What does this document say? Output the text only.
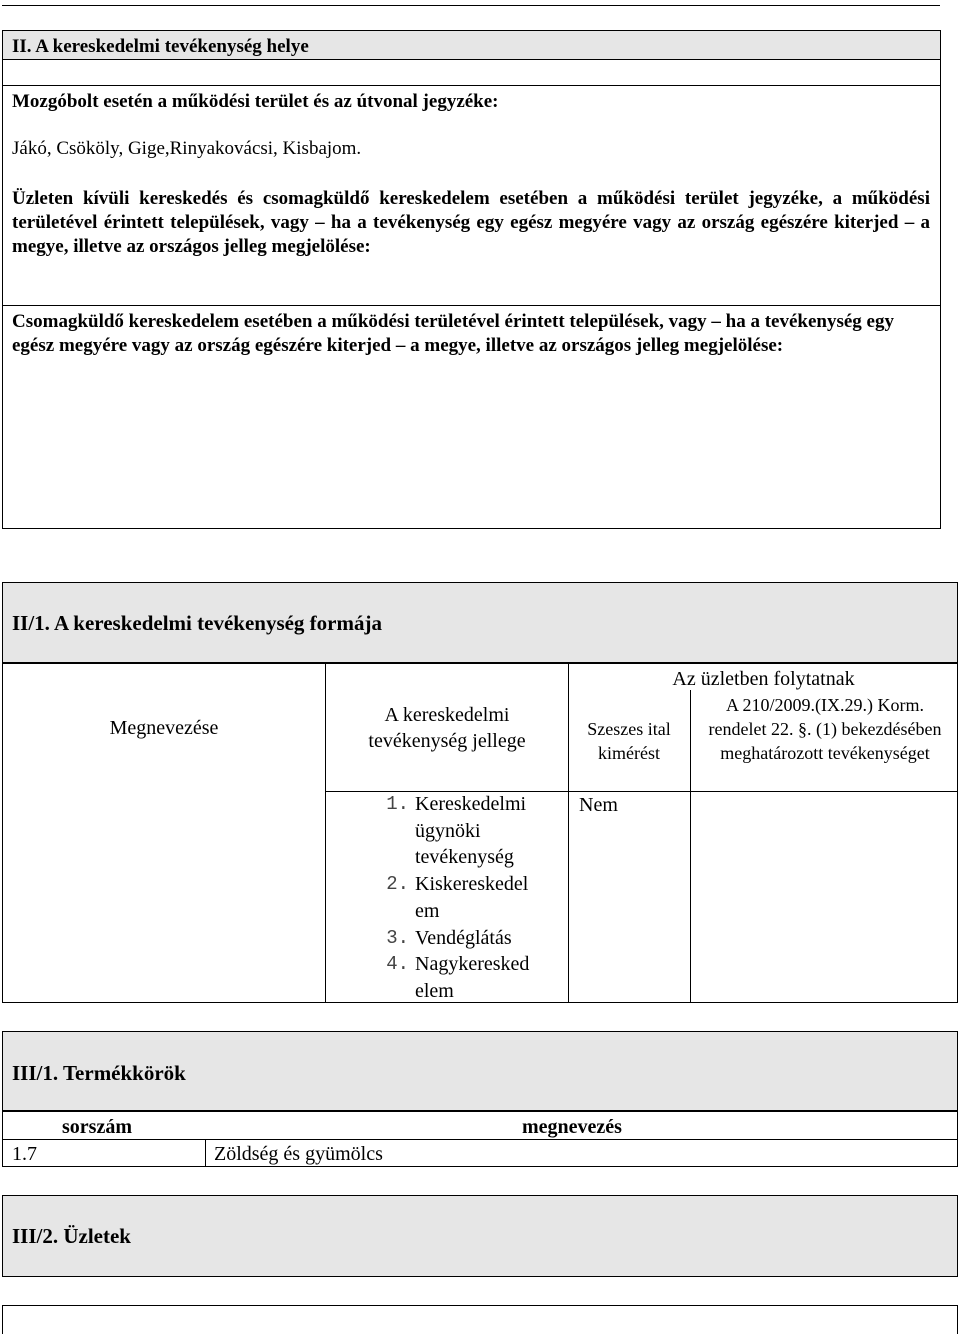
II. A kereskedelmi tevékenység helye
Mozgóbolt esetén a működési terület és az útvonal jegyzéke:
Jákó, Csököly, Gige,Rinyakovácsi, Kisbajom.
Üzleten kívüli kereskedés és csomagküldő kereskedelem esetében a működési terület jegyzéke, a működési területével érintett települések, vagy – ha a tevékenység egy egész megyére vagy az ország egészére kiterjed – a megye, illetve az országos jelleg megjelölése:
Csomagküldő kereskedelem esetében a működési területével érintett települések, vagy – ha a tevékenység egy egész megyére vagy az ország egészére kiterjed – a megye, illetve az országos jelleg megjelölése:
II/1. A kereskedelmi tevékenység formája
Megnevezése
A kereskedelmi tevékenység jellege
Az üzletben folytatnak
Szeszes ital kimérést
A 210/2009.(IX.29.) Korm. rendelet 22. §. (1) bekezdésében meghatározott tevékenységet
1. Kereskedelmi ügynöki tevékenység
2. Kiskereskedelem
3. Vendéglátás
4. Nagykereskedelem
Nem
III/1. Termékkörök
sorszám	megnevezés
1.7	Zöldség és gyümölcs
III/2. Üzletek
